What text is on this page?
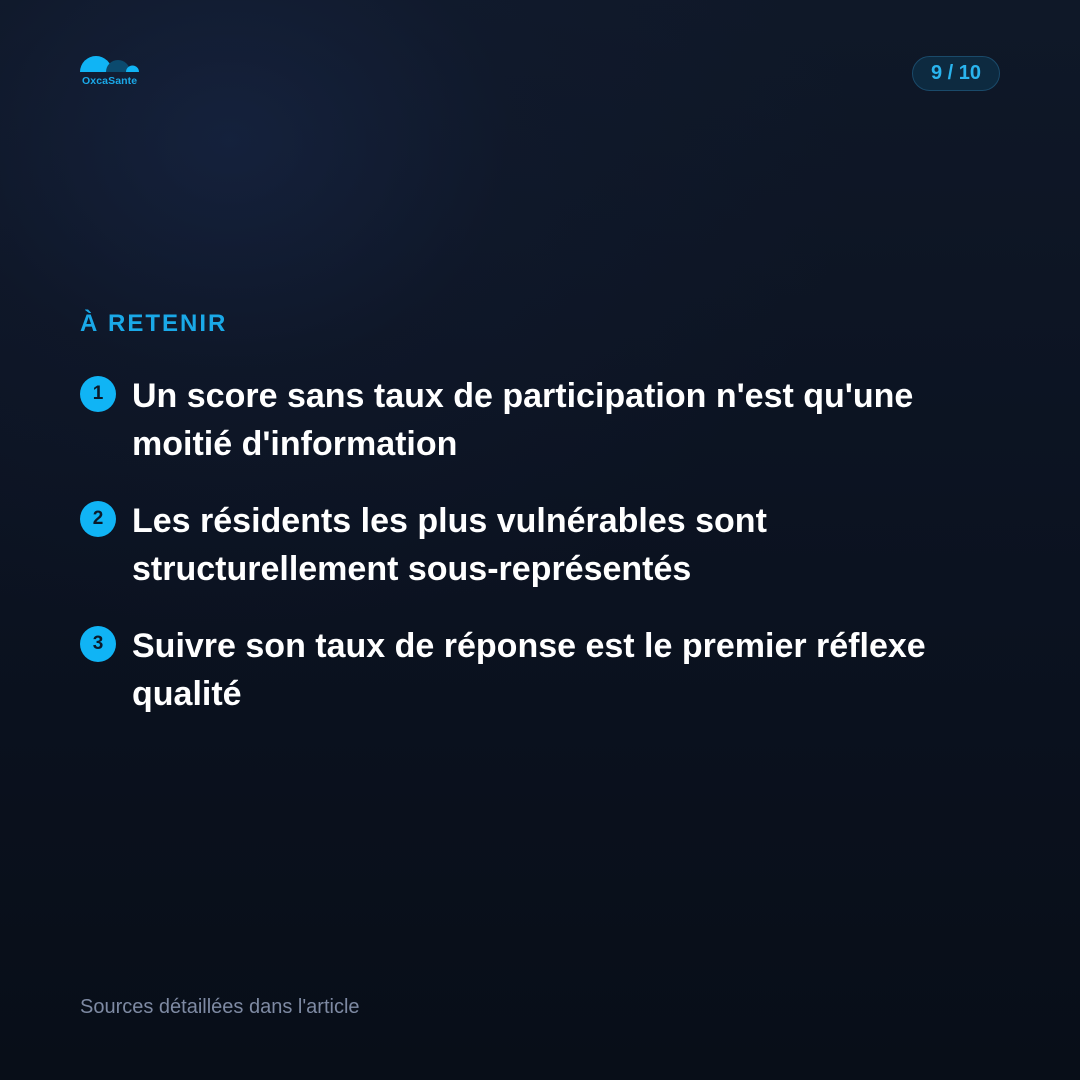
OxcaSante	9 / 10
À RETENIR
1 Un score sans taux de participation n'est qu'une moitié d'information
2 Les résidents les plus vulnérables sont structurellement sous-représentés
3 Suivre son taux de réponse est le premier réflexe qualité
Sources détaillées dans l'article
